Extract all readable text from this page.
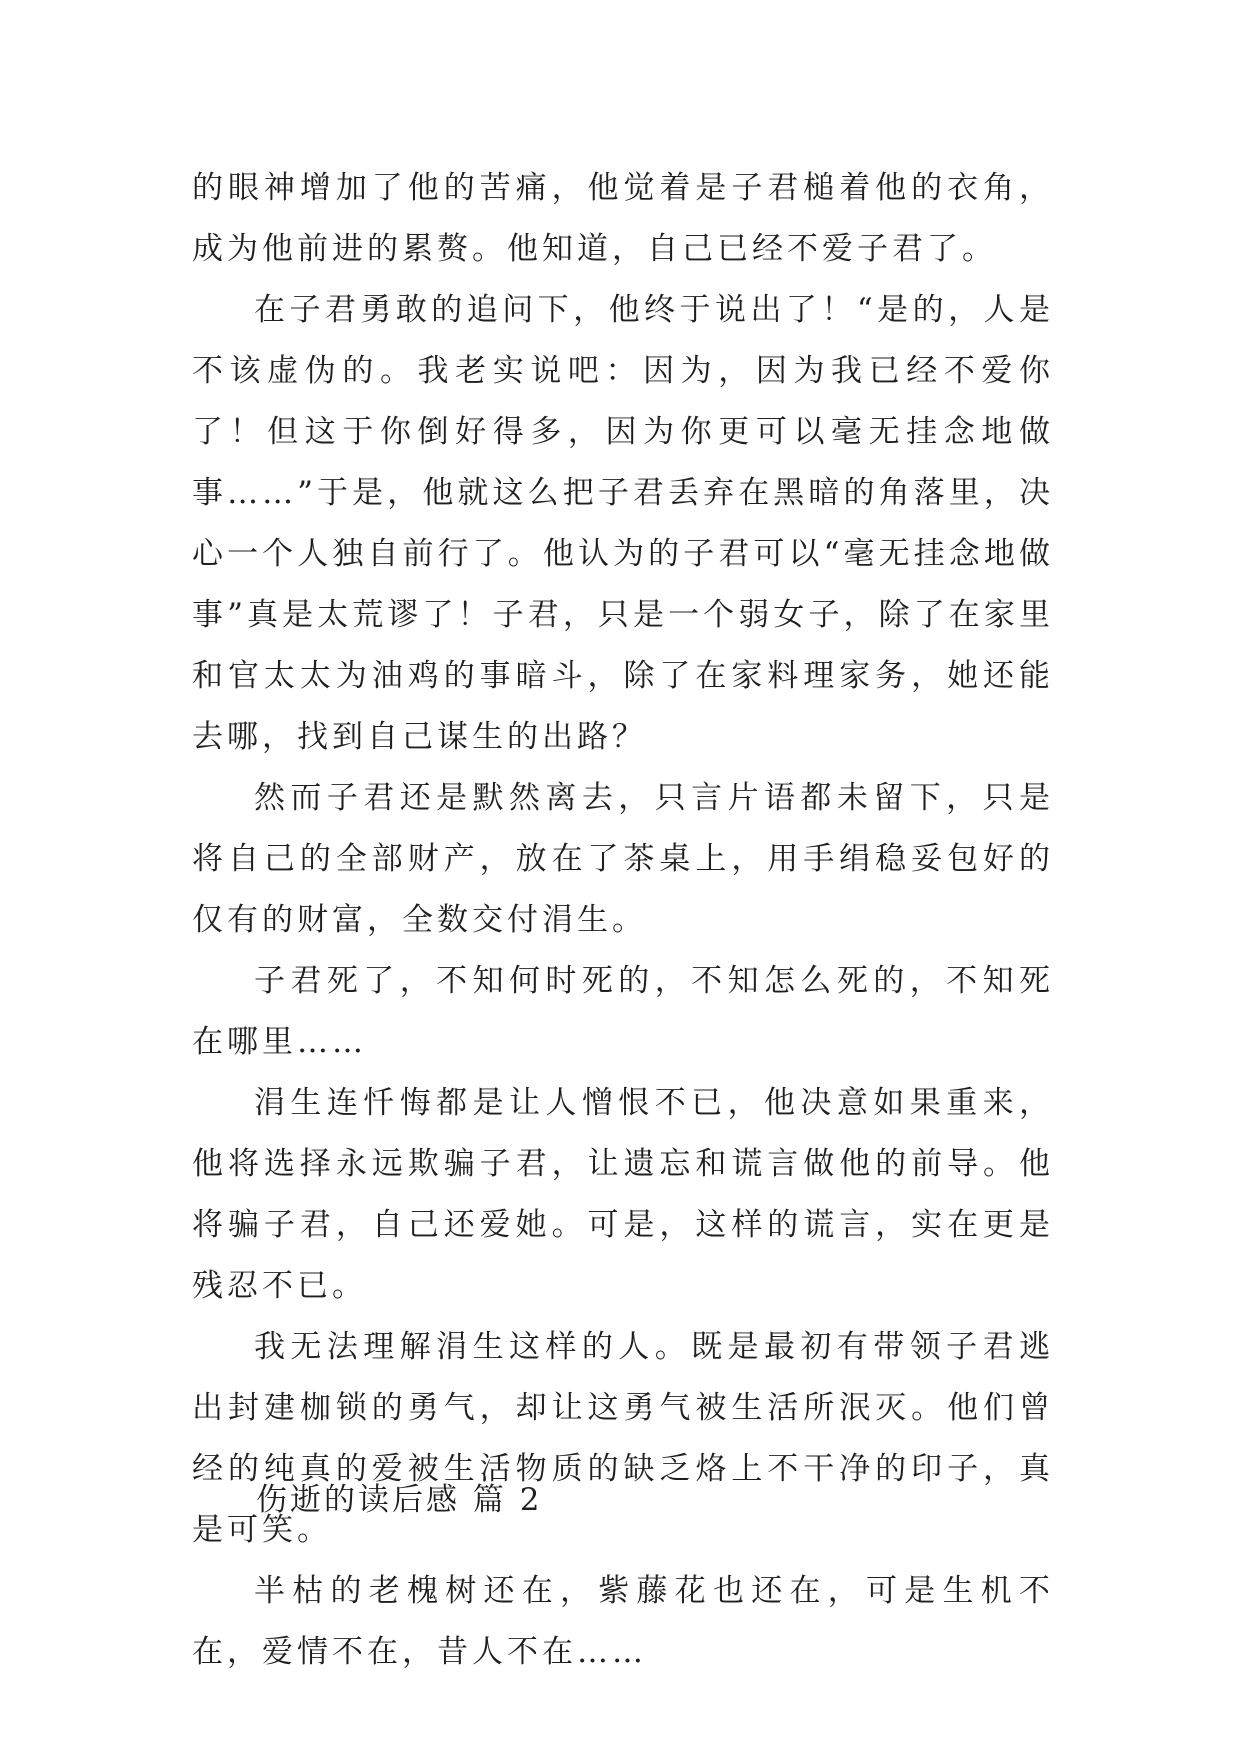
的眼神增加了他的苦痛，他觉着是子君槌着他的衣角，成为他前进的累赘。他知道，自己已经不爱子君了。

在子君勇敢的追问下，他终于说出了！“是的，人是不该虚伪的。我老实说吧：因为，因为我已经不爱你了！但这于你倒好得多，因为你更可以毫无挂念地做事……”于是，他就这么把子君丢弃在黑暗的角落里，决心一个人独自前行了。他认为的子君可以“毫无挂念地做事”真是太荒谬了！子君，只是一个弱女子，除了在家里和官太太为油鸡的事暗斗，除了在家料理家务，她还能去哪，找到自己谋生的出路？

然而子君还是默然离去，只言片语都未留下，只是将自己的全部财产，放在了茶桌上，用手绢稳妥包好的仅有的财富，全数交付涓生。

子君死了，不知何时死的，不知怎么死的，不知死在哪里……

涓生连忏悔都是让人憎恨不已，他决意如果重来，他将选择永远欺骗子君，让遗忘和谎言做他的前导。他将骗子君，自己还爱她。可是，这样的谎言，实在更是残忍不已。

我无法理解涓生这样的人。既是最初有带领子君逃出封建枷锁的勇气，却让这勇气被生活所泯灭。他们曾经的纯真的爱被生活物质的缺乏烙上不干净的印子，真是可笑。

半枯的老槐树还在，紫藤花也还在，可是生机不在，爱情不在，昔人不在……

伤逝的读后感 篇 2
